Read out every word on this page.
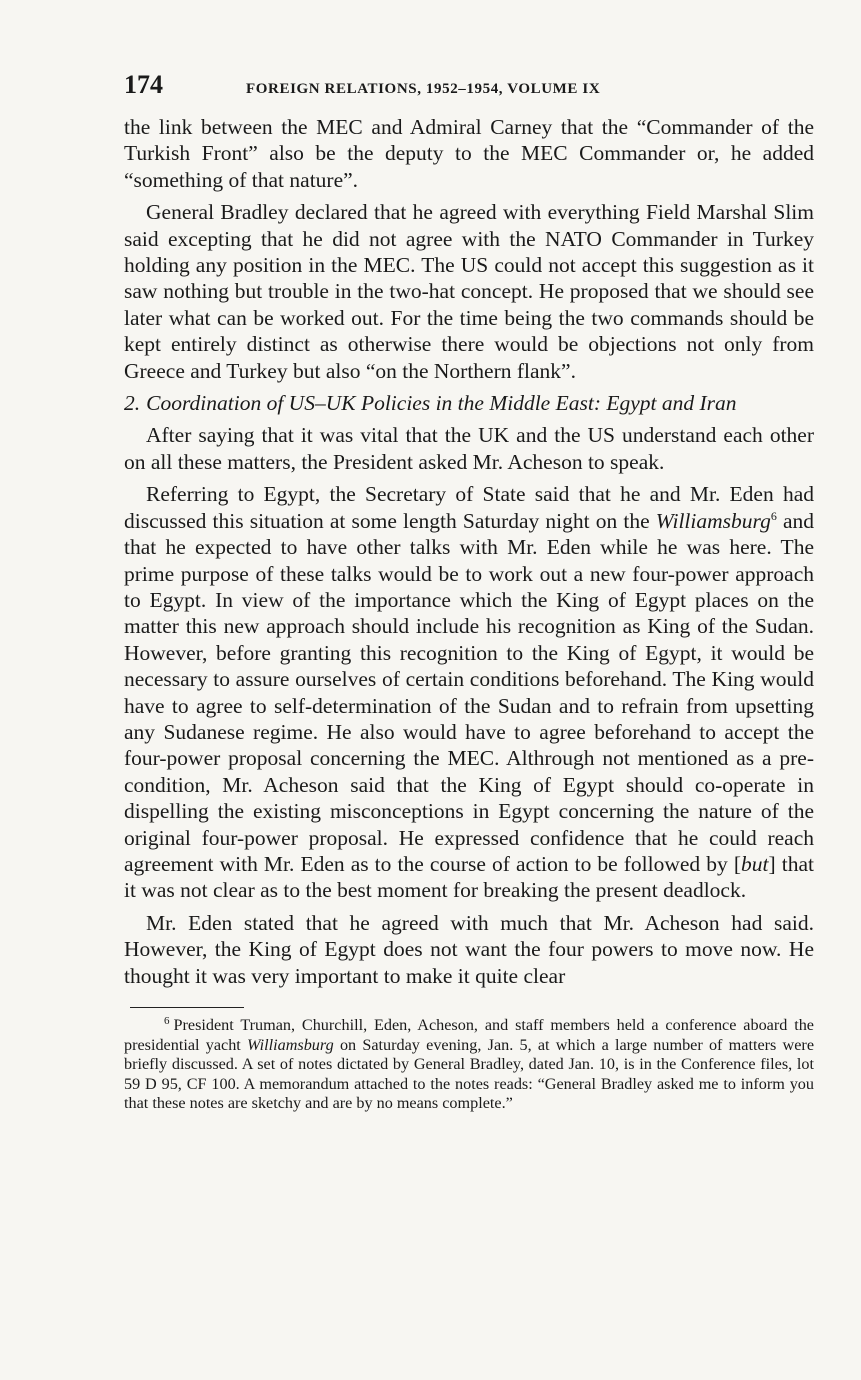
174	FOREIGN RELATIONS, 1952–1954, VOLUME IX

the link between the MEC and Admiral Carney that the “Commander of the Turkish Front” also be the deputy to the MEC Commander or, he added “something of that nature”.

General Bradley declared that he agreed with everything Field Marshal Slim said excepting that he did not agree with the NATO Commander in Turkey holding any position in the MEC. The US could not accept this suggestion as it saw nothing but trouble in the two-hat concept. He proposed that we should see later what can be worked out. For the time being the two commands should be kept entirely distinct as otherwise there would be objections not only from Greece and Turkey but also “on the Northern flank”.

2. Coordination of US–UK Policies in the Middle East: Egypt and Iran

After saying that it was vital that the UK and the US understand each other on all these matters, the President asked Mr. Acheson to speak.

Referring to Egypt, the Secretary of State said that he and Mr. Eden had discussed this situation at some length Saturday night on the Williamsburg$^6$ and that he expected to have other talks with Mr. Eden while he was here. The prime purpose of these talks would be to work out a new four-power approach to Egypt. In view of the importance which the King of Egypt places on the matter this new approach should include his recognition as King of the Sudan. However, before granting this recognition to the King of Egypt, it would be necessary to assure ourselves of certain conditions beforehand. The King would have to agree to self-determination of the Sudan and to refrain from upsetting any Sudanese regime. He also would have to agree beforehand to accept the four-power proposal concerning the MEC. Althrough not mentioned as a pre-condition, Mr. Acheson said that the King of Egypt should co-operate in dispelling the existing misconceptions in Egypt concerning the nature of the original four-power proposal. He expressed confidence that he could reach agreement with Mr. Eden as to the course of action to be followed by [but] that it was not clear as to the best moment for breaking the present deadlock.

Mr. Eden stated that he agreed with much that Mr. Acheson had said. However, the King of Egypt does not want the four powers to move now. He thought it was very important to make it quite clear

$^6$ President Truman, Churchill, Eden, Acheson, and staff members held a conference aboard the presidential yacht Williamsburg on Saturday evening, Jan. 5, at which a large number of matters were briefly discussed. A set of notes dictated by General Bradley, dated Jan. 10, is in the Conference files, lot 59 D 95, CF 100. A memorandum attached to the notes reads: “General Bradley asked me to inform you that these notes are sketchy and are by no means complete.”
